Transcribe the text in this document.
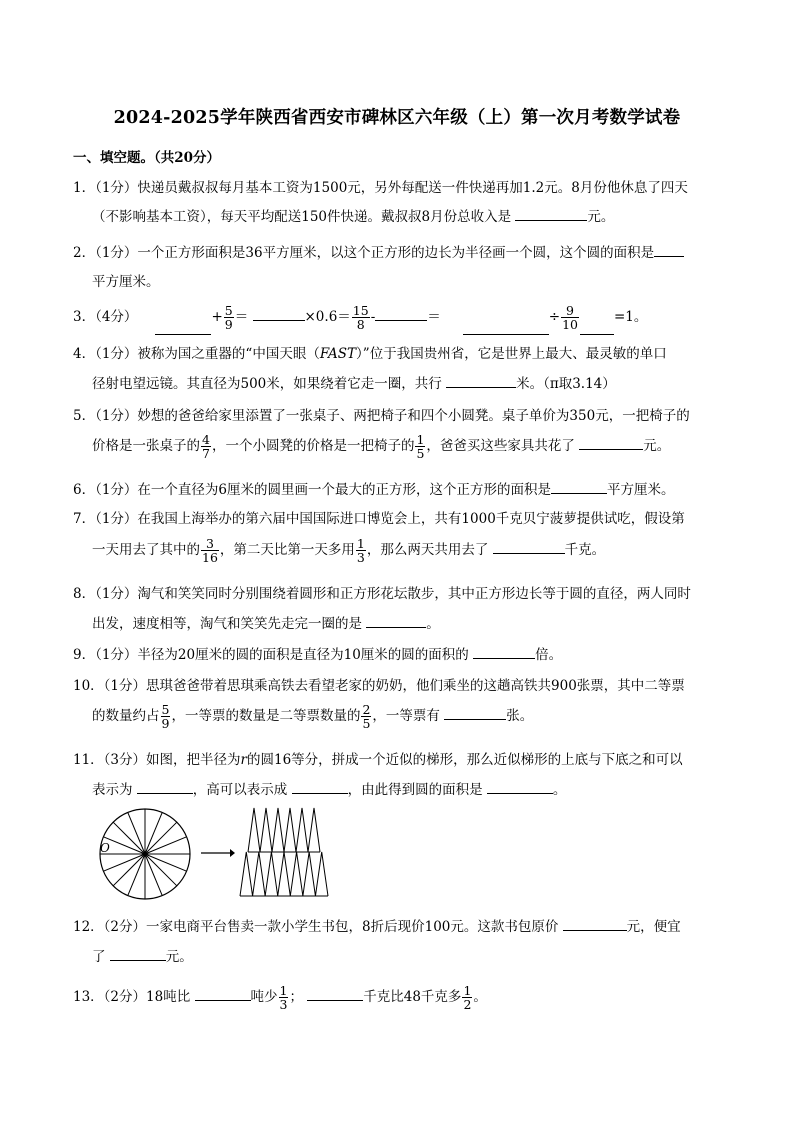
2024-2025学年陕西省西安市碑林区六年级（上）第一次月考数学试卷
一、填空题。（共20分）
1．（1分）快递员戴叔叔每月基本工资为1500元，另外每配送一件快递再加1.2元。8月份他休息了四天
（不影响基本工资），每天平均配送150件快递。戴叔叔8月份总收入是	元。
2．（1分）一个正方形面积是36平方厘米，以这个正方形的边长为半径画一个圆，这个圆的面积是
平方厘米。
3．（4分）	+ $\frac{5}{9}$ ＝	$\times 0.6= \frac{15}{8}$ -	＝	÷ $\frac{9}{10}$	=1。
4．（1分）被称为国之重器的“中国天眼（FAST）”位于我国贵州省，它是世界上最大、最灵敏的单口
径射电望远镜。其直径为500米，如果绕着它走一圈，共行	米。（π取3.14）
5．（1分）妙想的爸爸给家里添置了一张桌子、两把椅子和四个小圆凳。桌子单价为350元，一把椅子的
价格是一张桌子的 $\frac{4}{7}$ ，一个小圆凳的价格是一把椅子的 $\frac{1}{5}$ ，爸爸买这些家具共花了	元。
6．（1分）在一个直径为6厘米的圆里画一个最大的正方形，这个正方形的面积是	平方厘米。
7．（1分）在我国上海举办的第六届中国国际进口博览会上，共有1000千克贝宁菠萝提供试吃，假设第
一天用去了其中的 $\frac{3}{16}$ ，第二天比第一天多用 $\frac{1}{3}$ ，那么两天共用去了	千克。
8．（1分）淘气和笑笑同时分别围绕着圆形和正方形花坛散步，其中正方形边长等于圆的直径，两人同时
出发，速度相等，淘气和笑笑先走完一圈的是	。
9．（1分）半径为20厘米的圆的面积是直径为10厘米的圆的面积的	倍。
10．（1分）思琪爸爸带着思琪乘高铁去看望老家的奶奶，他们乘坐的这趟高铁共900张票，其中二等票
的数量约占 $\frac{5}{9}$ ，一等票的数量是二等票数量的 $\frac{2}{5}$ ，一等票有	张。
11．（3分）如图，把半径为r的圆16等分，拼成一个近似的梯形，那么近似梯形的上底与下底之和可以
表示为	，高可以表示成	，由此得到圆的面积是	。
O
12．（2分）一家电商平台售卖一款小学生书包，8折后现价100元。这款书包原价	元，便宜
了	元。
13．（2分）18吨比	吨少 $\frac{1}{3}$ ；	千克比48千克多 $\frac{1}{2}$ 。
